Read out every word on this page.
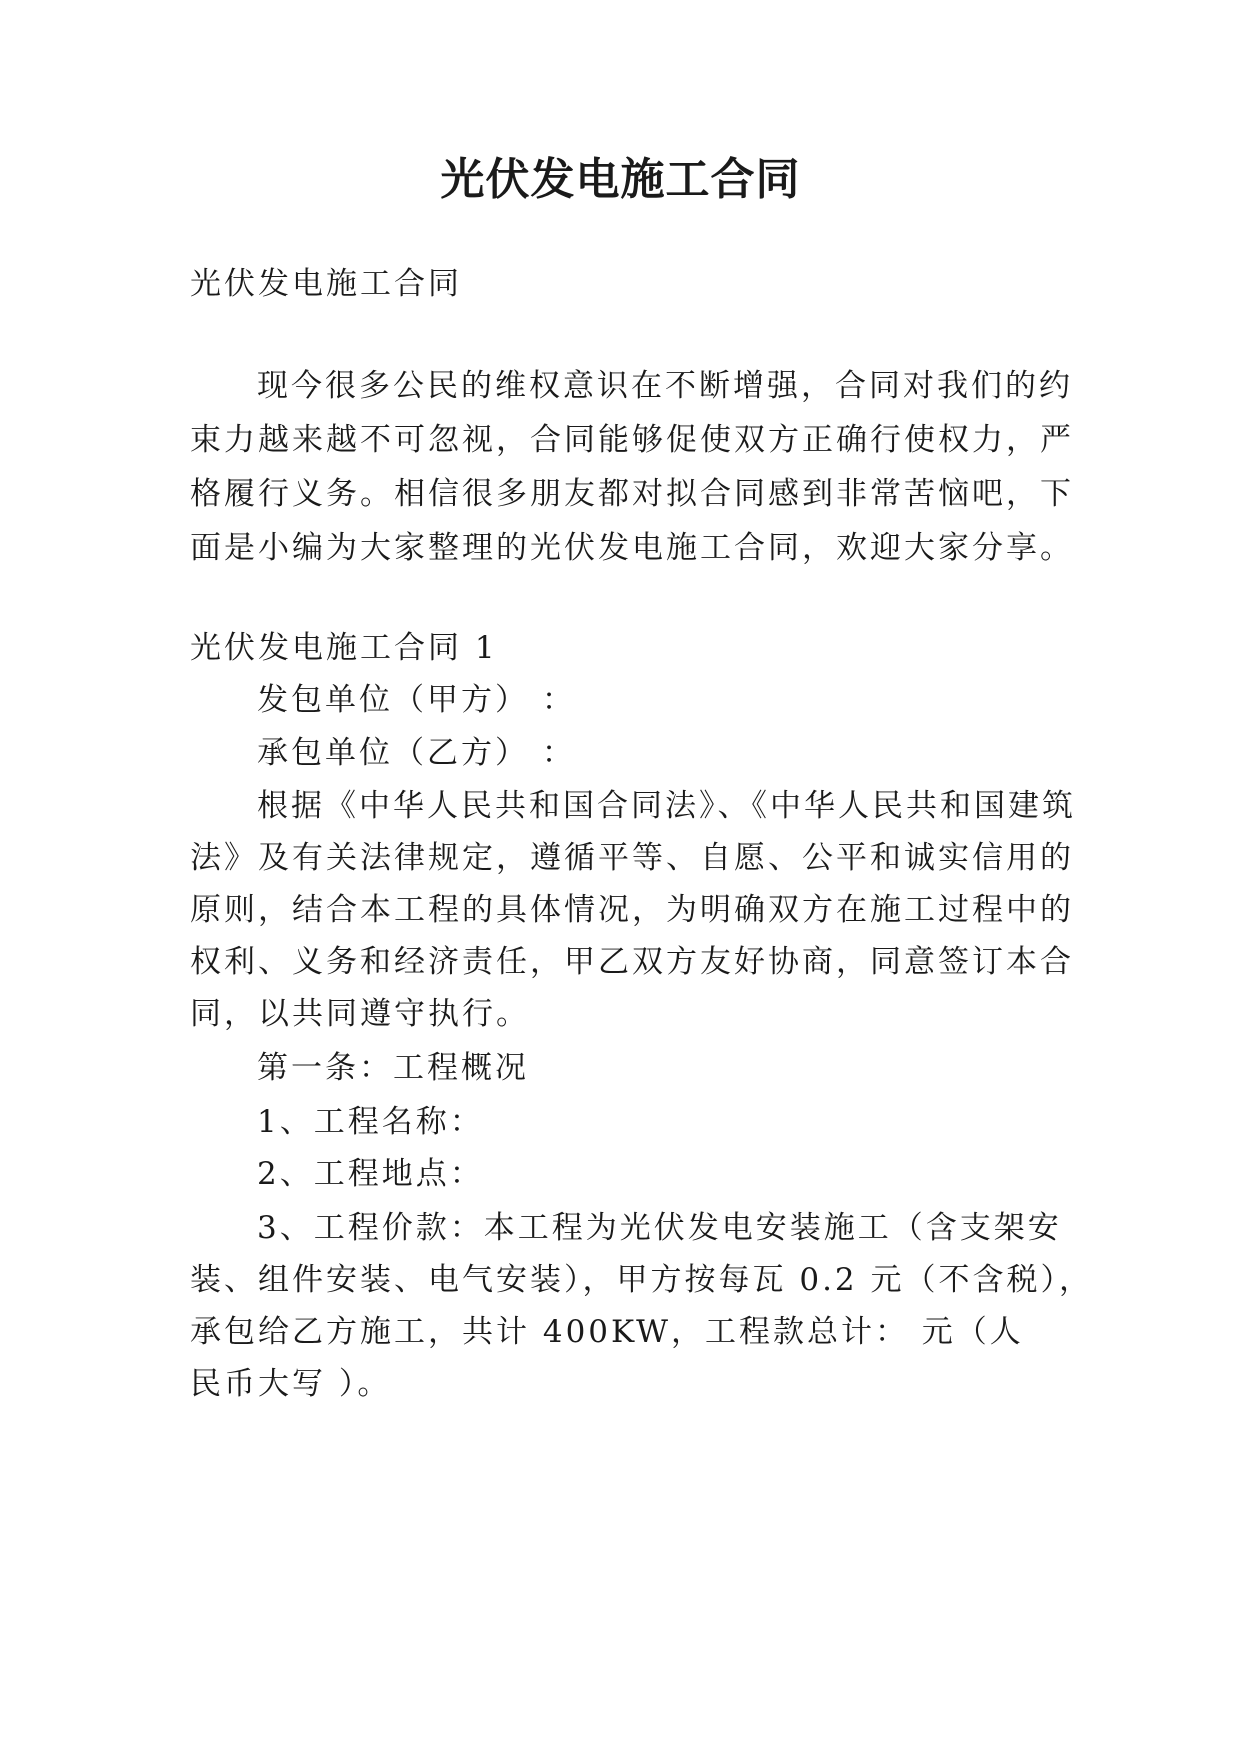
光伏发电施工合同
光伏发电施工合同
现今很多公民的维权意识在不断增强，合同对我们的约
束力越来越不可忽视，合同能够促使双方正确行使权力，严
格履行义务。相信很多朋友都对拟合同感到非常苦恼吧，下
面是小编为大家整理的光伏发电施工合同，欢迎大家分享。
光伏发电施工合同 1
发包单位（甲方） ：
承包单位（乙方） ：
根据《中华人民共和国合同法》、《中华人民共和国建筑
法》及有关法律规定，遵循平等、自愿、公平和诚实信用的
原则，结合本工程的具体情况，为明确双方在施工过程中的
权利、义务和经济责任，甲乙双方友好协商，同意签订本合
同，以共同遵守执行。
第一条：工程概况
1、工程名称：
2、工程地点：
3、工程价款：本工程为光伏发电安装施工（含支架安
装、组件安装、电气安装），甲方按每瓦 0.2 元（不含税），
承包给乙方施工，共计 400KW，工程款总计： 元（人
民币大写 ）。
